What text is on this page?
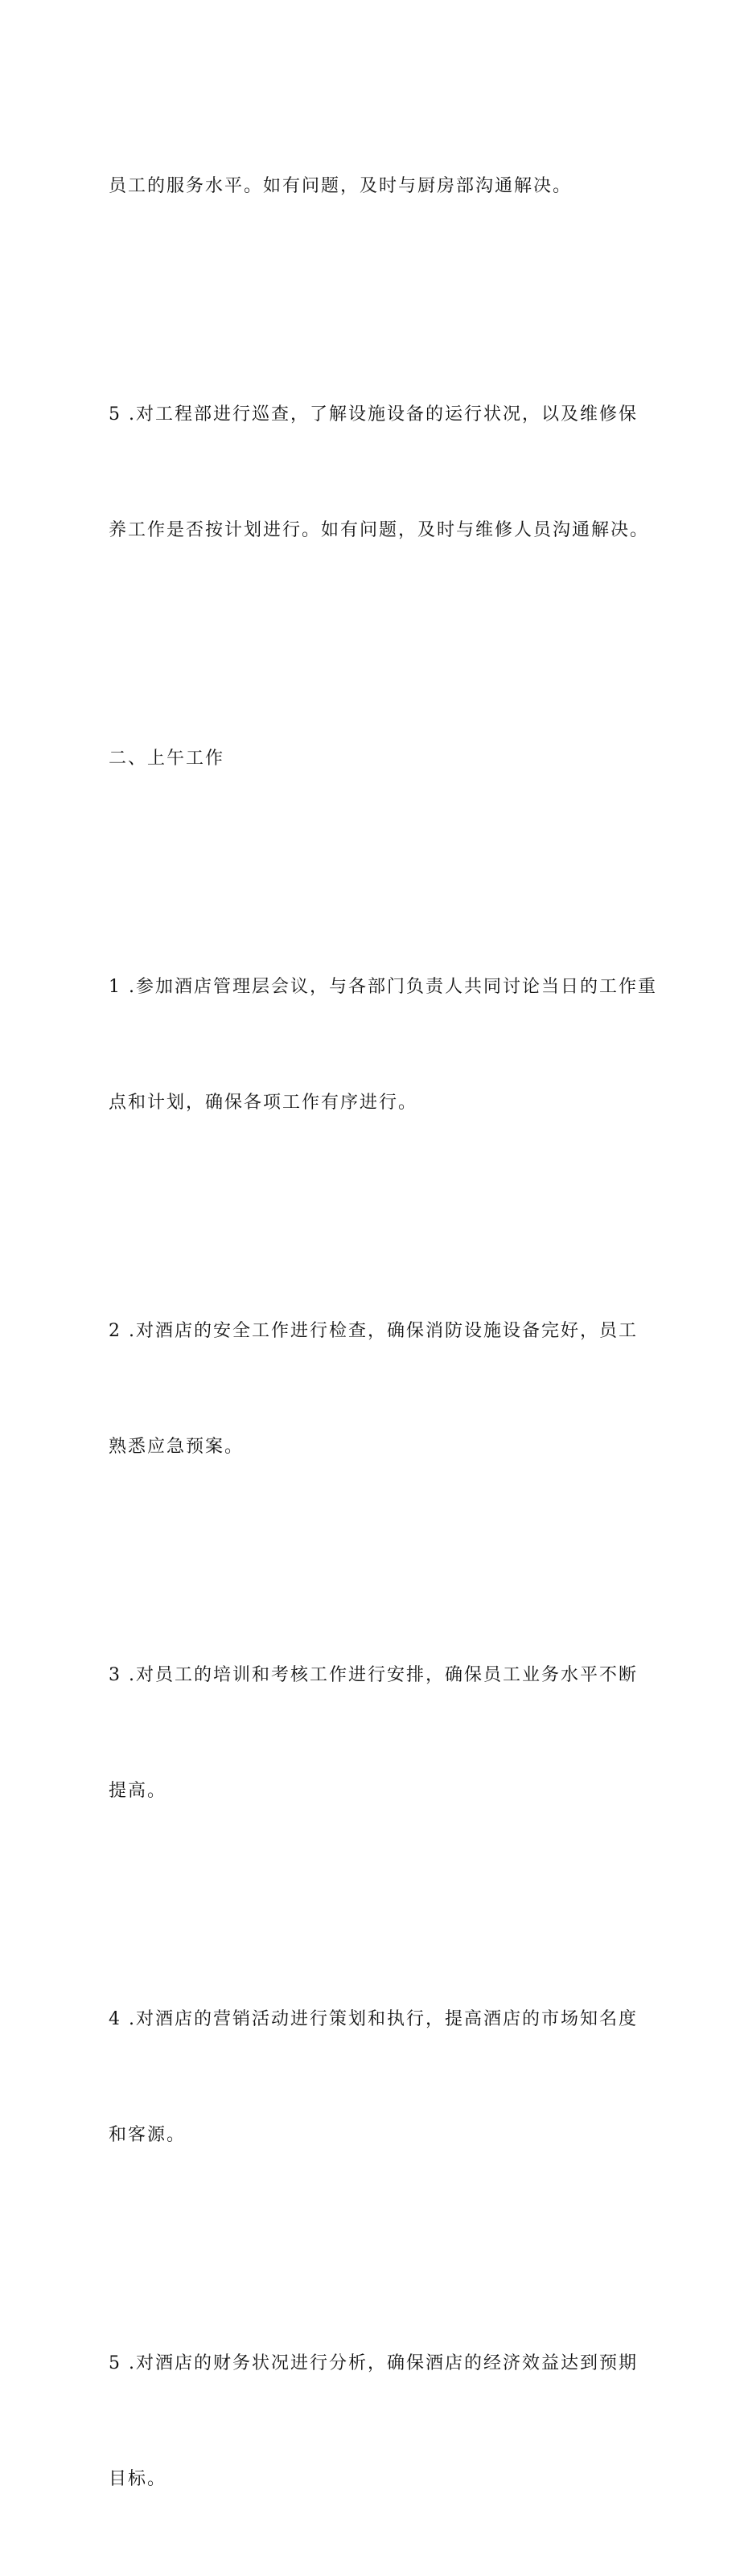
员工的服务水平。如有问题，及时与厨房部沟通解决。

5 .对工程部进行巡查，了解设施设备的运行状况，以及维修保

养工作是否按计划进行。如有问题，及时与维修人员沟通解决。

二、上午工作

1 .参加酒店管理层会议，与各部门负责人共同讨论当日的工作重

点和计划，确保各项工作有序进行。

2 .对酒店的安全工作进行检查，确保消防设施设备完好，员工

熟悉应急预案。

3 .对员工的培训和考核工作进行安排，确保员工业务水平不断

提高。

4 .对酒店的营销活动进行策划和执行，提高酒店的市场知名度

和客源。

5 .对酒店的财务状况进行分析，确保酒店的经济效益达到预期

目标。
